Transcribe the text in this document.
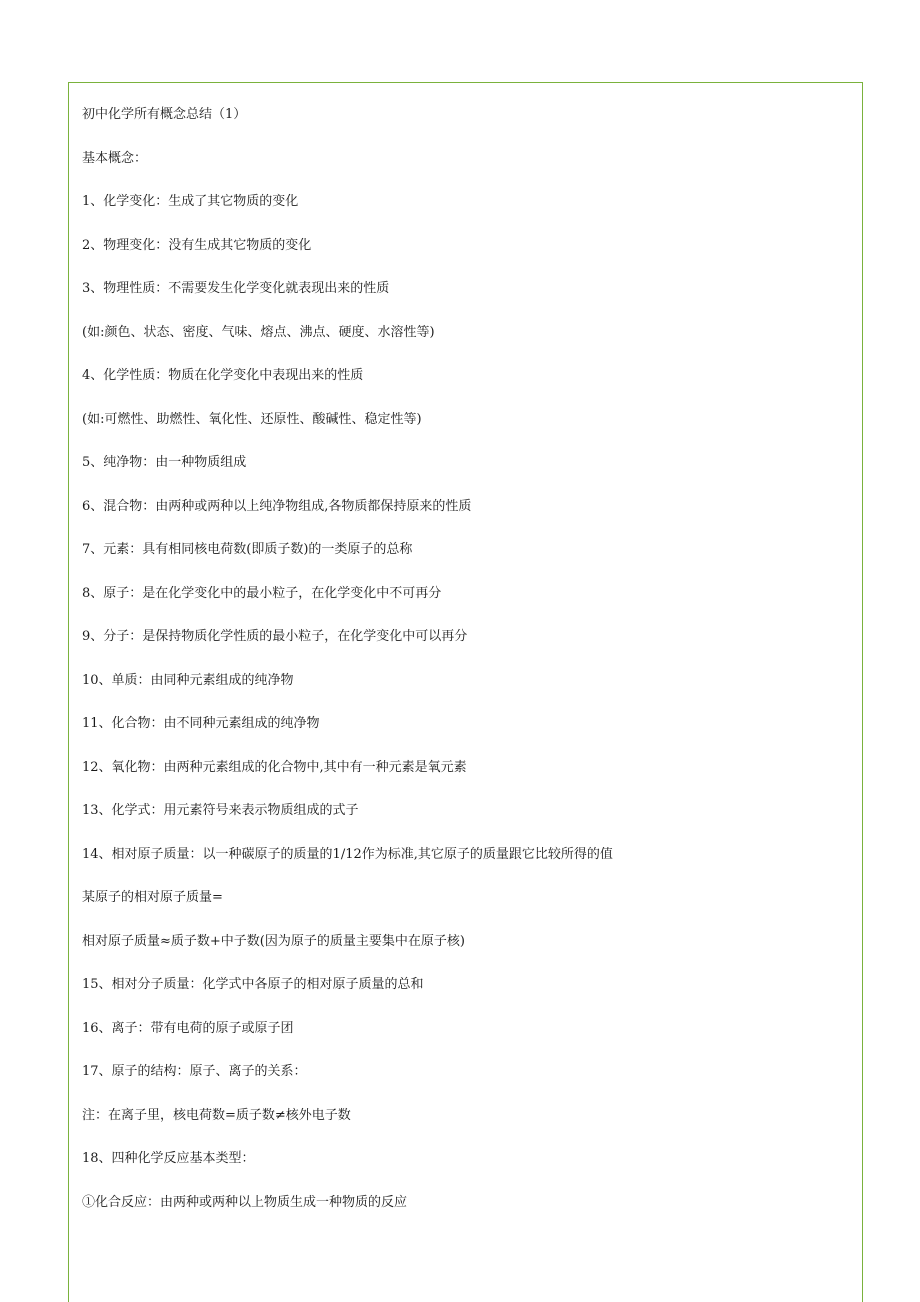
初中化学所有概念总结（1）
基本概念：
1、化学变化：生成了其它物质的变化
2、物理变化：没有生成其它物质的变化
3、物理性质：不需要发生化学变化就表现出来的性质
(如:颜色、状态、密度、气味、熔点、沸点、硬度、水溶性等)
4、化学性质：物质在化学变化中表现出来的性质
(如:可燃性、助燃性、氧化性、还原性、酸碱性、稳定性等)
5、纯净物：由一种物质组成
6、混合物：由两种或两种以上纯净物组成,各物质都保持原来的性质
7、元素：具有相同核电荷数(即质子数)的一类原子的总称
8、原子：是在化学变化中的最小粒子，在化学变化中不可再分
9、分子：是保持物质化学性质的最小粒子，在化学变化中可以再分
10、单质：由同种元素组成的纯净物
11、化合物：由不同种元素组成的纯净物
12、氧化物：由两种元素组成的化合物中,其中有一种元素是氧元素
13、化学式：用元素符号来表示物质组成的式子
14、相对原子质量：以一种碳原子的质量的1/12作为标准,其它原子的质量跟它比较所得的值
某原子的相对原子质量=
相对原子质量≈质子数+中子数(因为原子的质量主要集中在原子核)
15、相对分子质量：化学式中各原子的相对原子质量的总和
16、离子：带有电荷的原子或原子团
17、原子的结构：原子、离子的关系：
注：在离子里，核电荷数=质子数≠核外电子数
18、四种化学反应基本类型：
①化合反应：由两种或两种以上物质生成一种物质的反应
